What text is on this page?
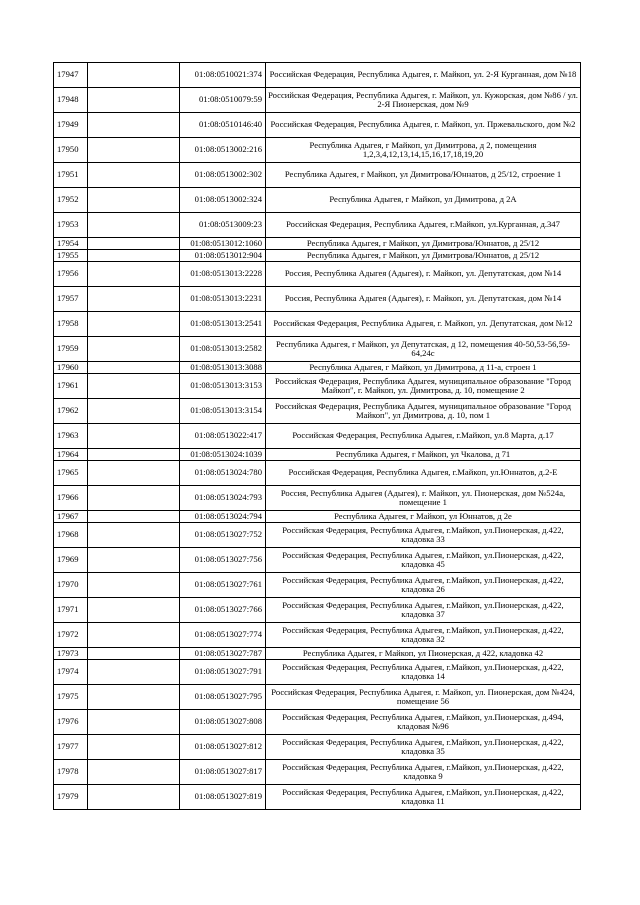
17947		01:08:0510021:374	Российская Федерация, Республика Адыгея, г. Майкоп, ул. 2-Я Курганная, дом №18
17948		01:08:0510079:59	Российская Федерация, Республика Адыгея, г. Майкоп, ул. Кужорская, дом №86 / ул. 2-Я Пионерская, дом №9
17949		01:08:0510146:40	Российская Федерация, Республика Адыгея, г. Майкоп, ул. Пржевальского, дом №2
17950		01:08:0513002:216	Республика Адыгея, г Майкоп, ул Димитрова, д 2, помещения 1,2,3,4,12,13,14,15,16,17,18,19,20
17951		01:08:0513002:302	Республика Адыгея, г Майкоп, ул Димитрова/Юннатов, д 25/12, строение 1
17952		01:08:0513002:324	Республика Адыгея, г Майкоп, ул Димитрова, д 2А
17953		01:08:0513009:23	Российская Федерация, Республика Адыгея, г.Майкоп, ул.Курганная, д.347
17954		01:08:0513012:1060	Республика Адыгея, г Майкоп, ул Димитрова/Юннатов, д 25/12
17955		01:08:0513012:904	Республика Адыгея, г Майкоп, ул Димитрова/Юннатов, д 25/12
17956		01:08:0513013:2228	Россия, Республика Адыгея (Адыгея), г. Майкоп, ул. Депутатская, дом №14
17957		01:08:0513013:2231	Россия, Республика Адыгея (Адыгея), г. Майкоп, ул. Депутатская, дом №14
17958		01:08:0513013:2541	Российская Федерация, Республика Адыгея, г. Майкоп, ул. Депутатская, дом №12
17959		01:08:0513013:2582	Республика Адыгея, г Майкоп, ул Депутатская, д 12, помещения 40-50,53-56,59-64,24с
17960		01:08:0513013:3088	Республика Адыгея, г Майкоп, ул Димитрова, д 11-а, строен 1
17961		01:08:0513013:3153	Российская Федерация, Республика Адыгея, муниципальное образование "Город Майкоп", г. Майкоп, ул. Димитрова, д. 10, помещение 2
17962		01:08:0513013:3154	Российская Федерация, Республика Адыгея, муниципальное образование "Город Майкоп", ул Димитрова, д. 10, пом 1
17963		01:08:0513022:417	Российская Федерация, Республика Адыгея, г.Майкоп, ул.8 Марта, д.17
17964		01:08:0513024:1039	Республика Адыгея, г Майкоп, ул Чкалова, д 71
17965		01:08:0513024:780	Российская Федерация, Республика Адыгея, г.Майкоп, ул.Юннатов, д.2-Е
17966		01:08:0513024:793	Россия, Республика Адыгея (Адыгея), г. Майкоп, ул. Пионерская, дом №524а, помещение 1
17967		01:08:0513024:794	Республика Адыгея, г Майкоп, ул Юннатов, д 2е
17968		01:08:0513027:752	Российская Федерация, Республика Адыгея, г.Майкоп, ул.Пионерская, д.422, кладовка 33
17969		01:08:0513027:756	Российская Федерация, Республика Адыгея, г.Майкоп, ул.Пионерская, д.422, кладовка 45
17970		01:08:0513027:761	Российская Федерация, Республика Адыгея, г.Майкоп, ул.Пионерская, д.422, кладовка 26
17971		01:08:0513027:766	Российская Федерация, Республика Адыгея, г.Майкоп, ул.Пионерская, д.422, кладовка 37
17972		01:08:0513027:774	Российская Федерация, Республика Адыгея, г.Майкоп, ул.Пионерская, д.422, кладовка 32
17973		01:08:0513027:787	Республика Адыгея, г Майкоп, ул Пионерская, д 422, кладовка 42
17974		01:08:0513027:791	Российская Федерация, Республика Адыгея, г.Майкоп, ул.Пионерская, д.422, кладовка 14
17975		01:08:0513027:795	Российская Федерация, Республика Адыгея, г. Майкоп, ул. Пионерская, дом №424, помещение 56
17976		01:08:0513027:808	Российская Федерация, Республика Адыгея, г.Майкоп, ул.Пионерская, д.494, кладовая №96
17977		01:08:0513027:812	Российская Федерация, Республика Адыгея, г.Майкоп, ул.Пионерская, д.422, кладовка 35
17978		01:08:0513027:817	Российская Федерация, Республика Адыгея, г.Майкоп, ул.Пионерская, д.422, кладовка 9
17979		01:08:0513027:819	Российская Федерация, Республика Адыгея, г.Майкоп, ул.Пионерская, д.422, кладовка 11
